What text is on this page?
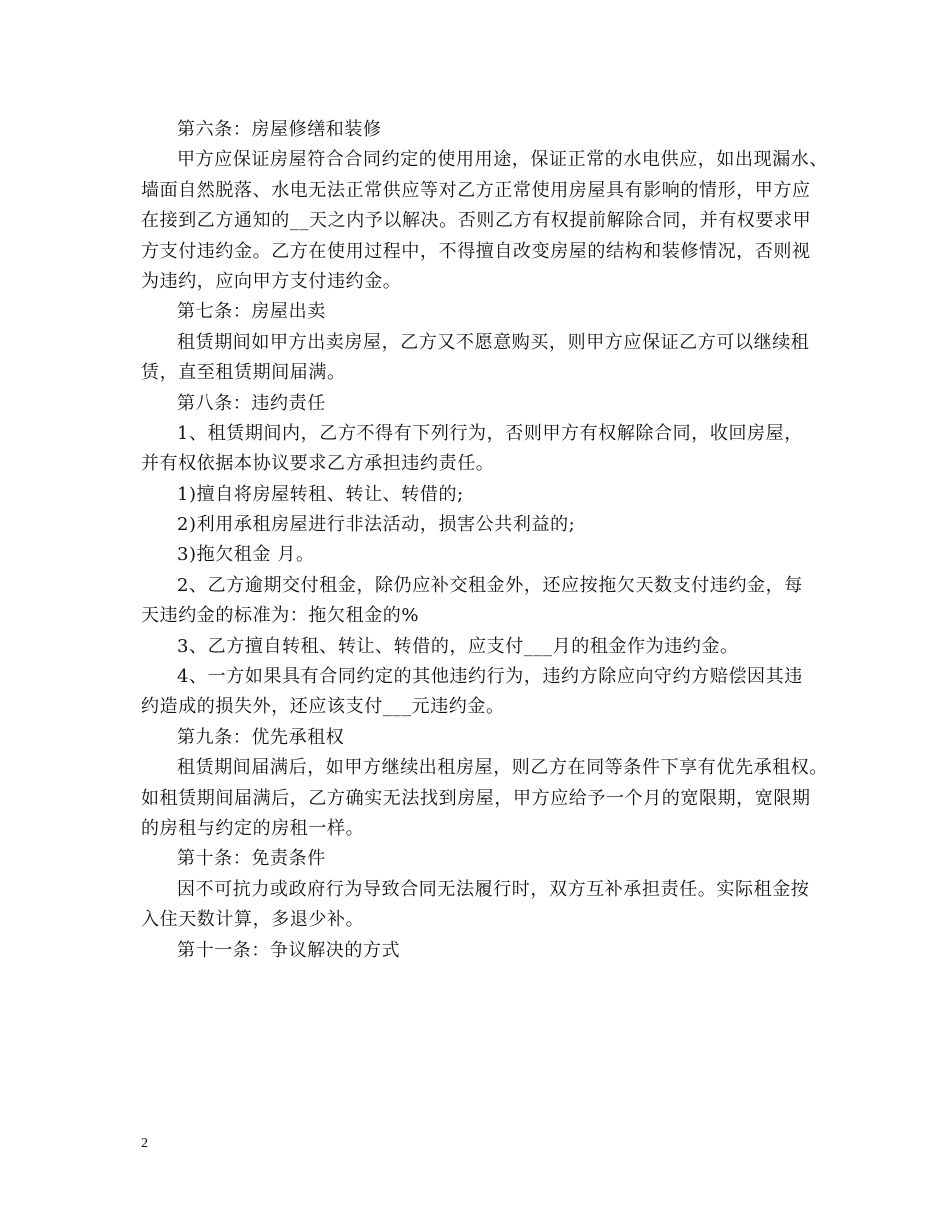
第六条：房屋修缮和装修
甲方应保证房屋符合合同约定的使用用途，保证正常的水电供应，如出现漏水、
墙面自然脱落、水电无法正常供应等对乙方正常使用房屋具有影响的情形，甲方应
在接到乙方通知的__天之内予以解决。否则乙方有权提前解除合同，并有权要求甲
方支付违约金。乙方在使用过程中，不得擅自改变房屋的结构和装修情况，否则视
为违约，应向甲方支付违约金。
第七条：房屋出卖
租赁期间如甲方出卖房屋，乙方又不愿意购买，则甲方应保证乙方可以继续租
赁，直至租赁期间届满。
第八条：违约责任
1、租赁期间内，乙方不得有下列行为，否则甲方有权解除合同，收回房屋，
并有权依据本协议要求乙方承担违约责任。
1)擅自将房屋转租、转让、转借的;
2)利用承租房屋进行非法活动，损害公共利益的;
3)拖欠租金 月。
2、乙方逾期交付租金，除仍应补交租金外，还应按拖欠天数支付违约金，每
天违约金的标准为：拖欠租金的%
3、乙方擅自转租、转让、转借的，应支付___月的租金作为违约金。
4、一方如果具有合同约定的其他违约行为，违约方除应向守约方赔偿因其违
约造成的损失外，还应该支付___元违约金。
第九条：优先承租权
租赁期间届满后，如甲方继续出租房屋，则乙方在同等条件下享有优先承租权。
如租赁期间届满后，乙方确实无法找到房屋，甲方应给予一个月的宽限期，宽限期
的房租与约定的房租一样。
第十条：免责条件
因不可抗力或政府行为导致合同无法履行时，双方互补承担责任。实际租金按
入住天数计算，多退少补。
第十一条：争议解决的方式
2
